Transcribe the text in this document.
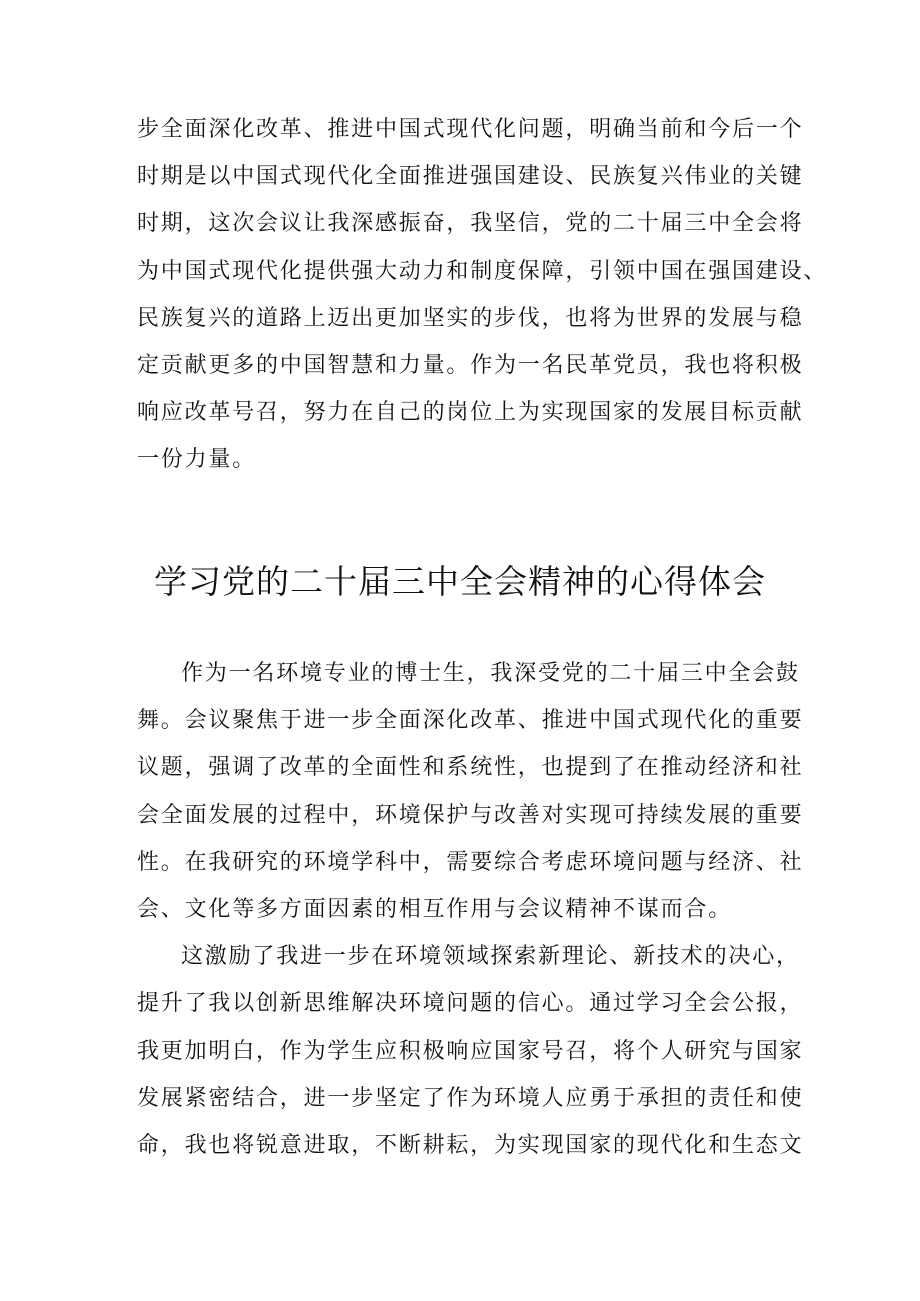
步全面深化改革、推进中国式现代化问题，明确当前和今后一个
时期是以中国式现代化全面推进强国建设、民族复兴伟业的关键
时期，这次会议让我深感振奋，我坚信，党的二十届三中全会将
为中国式现代化提供强大动力和制度保障，引领中国在强国建设、
民族复兴的道路上迈出更加坚实的步伐，也将为世界的发展与稳
定贡献更多的中国智慧和力量。作为一名民革党员，我也将积极
响应改革号召，努力在自己的岗位上为实现国家的发展目标贡献
一份力量。
学习党的二十届三中全会精神的心得体会
作为一名环境专业的博士生，我深受党的二十届三中全会鼓
舞。会议聚焦于进一步全面深化改革、推进中国式现代化的重要
议题，强调了改革的全面性和系统性，也提到了在推动经济和社
会全面发展的过程中，环境保护与改善对实现可持续发展的重要
性。在我研究的环境学科中，需要综合考虑环境问题与经济、社
会、文化等多方面因素的相互作用与会议精神不谋而合。
这激励了我进一步在环境领域探索新理论、新技术的决心，
提升了我以创新思维解决环境问题的信心。通过学习全会公报，
我更加明白，作为学生应积极响应国家号召，将个人研究与国家
发展紧密结合，进一步坚定了作为环境人应勇于承担的责任和使
命，我也将锐意进取，不断耕耘，为实现国家的现代化和生态文
